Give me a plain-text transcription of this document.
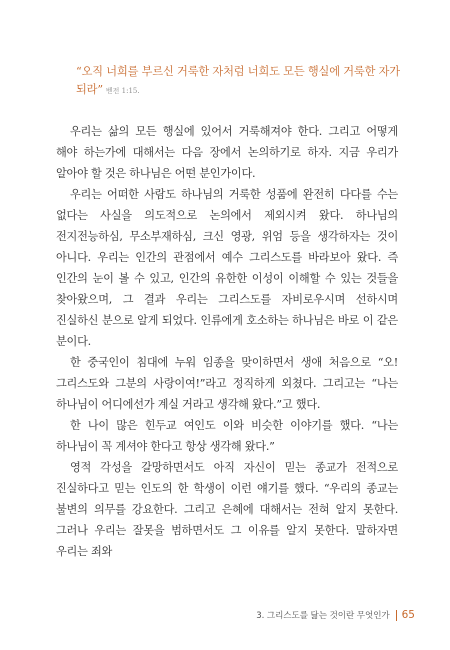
“오직 너희를 부르신 거룩한 자처럼 너희도 모든 행실에 거룩한 자가 되라” 벧전 1:15.

우리는 삶의 모든 행실에 있어서 거룩해져야 한다. 그리고 어떻게 해야 하는가에 대해서는 다음 장에서 논의하기로 하자. 지금 우리가 알아야 할 것은 하나님은 어떤 분인가이다.

우리는 어떠한 사람도 하나님의 거룩한 성품에 완전히 다다를 수는 없다는 사실을 의도적으로 논의에서 제외시켜 왔다. 하나님의 전지전능하심, 무소부재하심, 크신 영광, 위엄 등을 생각하자는 것이 아니다. 우리는 인간의 관점에서 예수 그리스도를 바라보아 왔다. 즉 인간의 눈이 볼 수 있고, 인간의 유한한 이성이 이해할 수 있는 것들을 찾아왔으며, 그 결과 우리는 그리스도를 자비로우시며 선하시며 진실하신 분으로 알게 되었다. 인류에게 호소하는 하나님은 바로 이 같은 분이다.

한 중국인이 침대에 누워 임종을 맞이하면서 생애 처음으로 “오! 그리스도와 그분의 사랑이여!”라고 정직하게 외쳤다. 그리고는 “나는 하나님이 어디에선가 계실 거라고 생각해 왔다.”고 했다.

한 나이 많은 힌두교 여인도 이와 비슷한 이야기를 했다. “나는 하나님이 꼭 계셔야 한다고 항상 생각해 왔다.”

영적 각성을 갈망하면서도 아직 자신이 믿는 종교가 전적으로 진실하다고 믿는 인도의 한 학생이 이런 얘기를 했다. “우리의 종교는 불변의 의무를 강요한다. 그리고 은혜에 대해서는 전혀 알지 못한다. 그러나 우리는 잘못을 범하면서도 그 이유를 알지 못한다. 말하자면 우리는 죄와

3. 그리스도를 닮는 것이란 무엇인가 65
